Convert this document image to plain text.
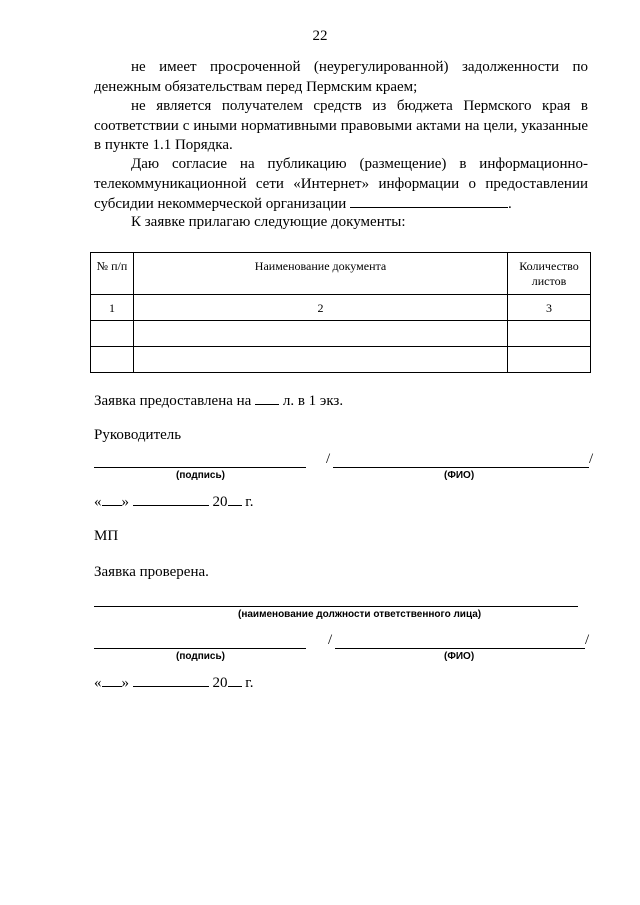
22
не имеет просроченной (неурегулированной) задолженности по денежным обязательствам перед Пермским краем;
не является получателем средств из бюджета Пермского края в соответствии с иными нормативными правовыми актами на цели, указанные в пункте 1.1 Порядка.
Даю согласие на публикацию (размещение) в информационно-телекоммуникационной сети «Интернет» информации о предоставлении субсидии некоммерческой организации	.
К заявке прилагаю следующие документы:
№ п/п	Наименование документа	Количество листов
1	2	3

Заявка предоставлена на л. в 1 экз.
Руководитель
/	/
(подпись)	(ФИО)
« »	20 г.
МП
Заявка проверена.
(наименование должности ответственного лица)
/	/
(подпись)	(ФИО)
« »	20 г.
